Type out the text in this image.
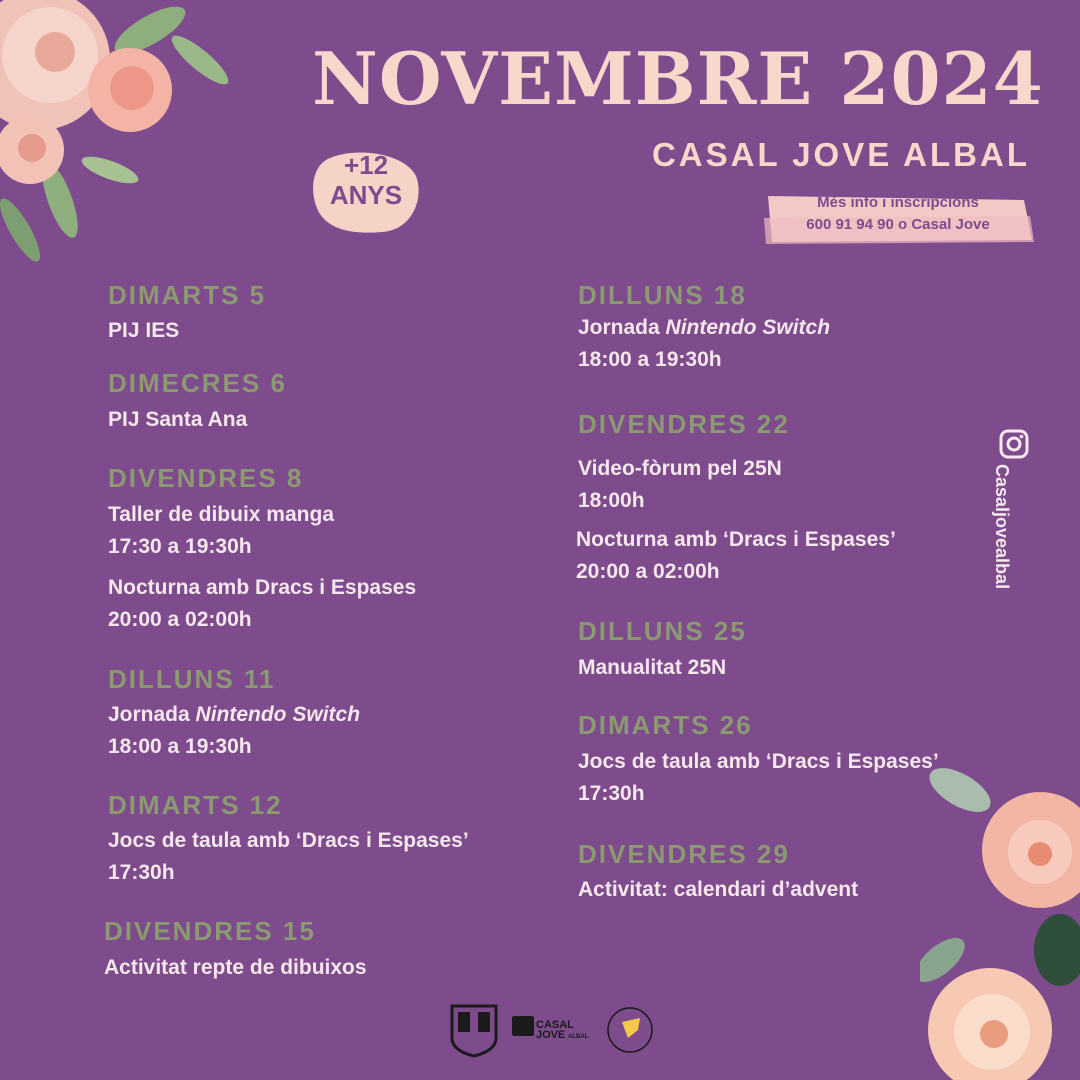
NOVEMBRE 2024
CASAL JOVE ALBAL
+12
ANYS	Més info i inscripcions
600 91 94 90 o Casal Jove
DIMARTS 5
PIJ IES
DIMECRES 6
PIJ Santa Ana
DIVENDRES 8
Taller de dibuix manga
17:30 a 19:30h
Nocturna amb Dracs i Espases
20:00 a 02:00h
DILLUNS 11
Jornada Nintendo Switch
18:00 a 19:30h
DIMARTS 12
Jocs de taula amb ‘Dracs i Espases’
17:30h
DIVENDRES 15
Activitat repte de dibuixos
DILLUNS 18
Jornada Nintendo Switch
18:00 a 19:30h
DIVENDRES 22
Video-fòrum pel 25N
18:00h
Nocturna amb ‘Dracs i Espases’
20:00 a 02:00h
DILLUNS 25
Manualitat 25N
DIMARTS 26
Jocs de taula amb ‘Dracs i Espases’
17:30h
DIVENDRES 29
Activitat: calendari d’advent
Casaljovealbal
CASAL
JOVE ALBAL
